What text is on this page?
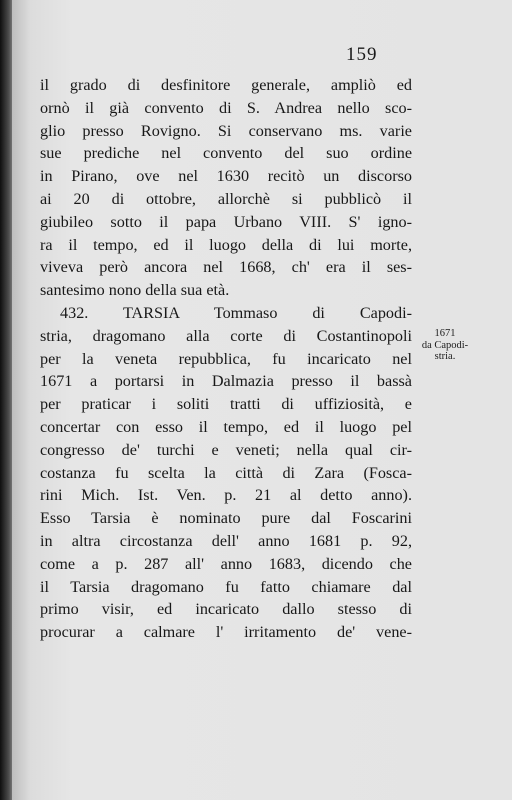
159
il grado di desfinitore generale, ampliò ed
ornò il già convento di S. Andrea nello sco-
glio presso Rovigno. Si conservano ms. varie
sue prediche nel convento del suo ordine
in Pirano, ove nel 1630 recitò un discorso
ai 20 di ottobre, allorchè si pubblicò il
giubileo sotto il papa Urbano VIII. S' igno-
ra il tempo, ed il luogo della di lui morte,
viveva però ancora nel 1668, ch' era il ses-
santesimo nono della sua età.
432. TARSIA Tommaso di Capodi-
stria, dragomano alla corte di Costantinopoli
per la veneta repubblica, fu incaricato nel
1671 a portarsi in Dalmazia presso il bassà
per praticar i soliti tratti di uffiziosità, e
concertar con esso il tempo, ed il luogo pel
congresso de' turchi e veneti; nella qual cir-
costanza fu scelta la città di Zara (Fosca-
rini Mich. Ist. Ven. p. 21 al detto anno).
Esso Tarsia è nominato pure dal Foscarini
in altra circostanza dell' anno 1681 p. 92,
come a p. 287 all' anno 1683, dicendo che
il Tarsia dragomano fu fatto chiamare dal
primo visir, ed incaricato dallo stesso di
procurar a calmare l' irritamento de' vene-
1671
da Capodi-
stria.
